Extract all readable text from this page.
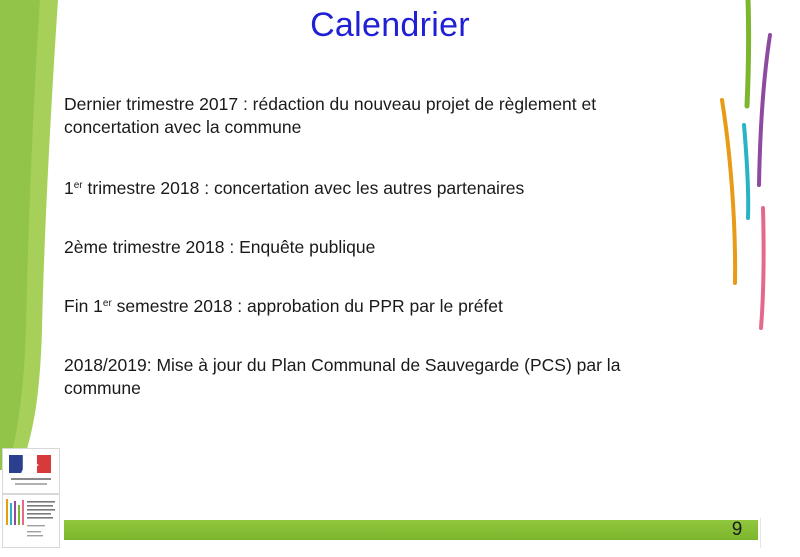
Calendrier
Dernier trimestre 2017 : rédaction du nouveau projet de règlement et
concertation avec la commune
1er trimestre 2018 : concertation avec les autres partenaires
2ème trimestre 2018 : Enquête publique
Fin 1er semestre 2018 : approbation du PPR par le préfet
2018/2019: Mise à jour du Plan Communal de Sauvegarde (PCS) par la
commune
9
